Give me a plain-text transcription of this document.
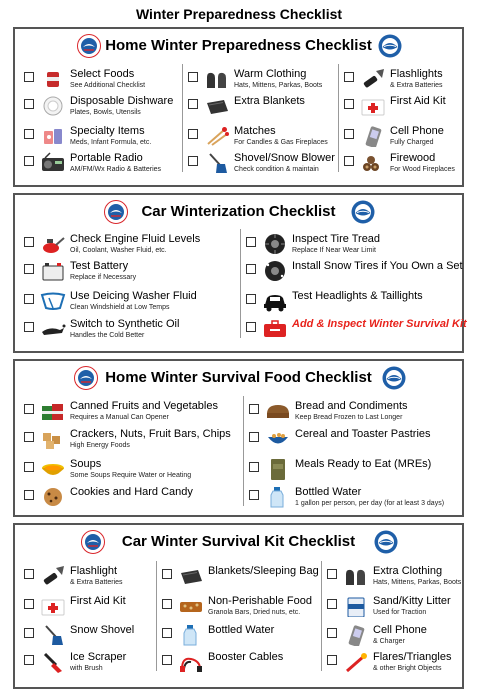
Winter Preparedness Checklist
Home Winter Preparedness Checklist
Select Foods
See Additional Checklist
Disposable Dishware
Plates, Bowls, Utensils
Specialty Items
Meds, Infant Formula, etc.
Portable Radio
AM/FM/Wx Radio & Batteries
Warm Clothing
Hats, Mittens, Parkas, Boots
Extra Blankets
Matches
For Candles & Gas Fireplaces
Shovel/Snow Blower
Check condition & maintain
Flashlights
& Extra Batteries
First Aid Kit
Cell Phone
Fully Charged
Firewood
For Wood Fireplaces
Car Winterization Checklist
Check Engine Fluid Levels
Oil, Coolant, Washer Fluid, etc.
Test Battery
Replace if Necessary
Use Deicing Washer Fluid
Clean Windshield at Low Temps
Switch to Synthetic Oil
Handles the Cold Better
Inspect Tire Tread
Replace If Near Wear Limit
Install Snow Tires if You Own a Set
Test Headlights & Taillights
Add & Inspect Winter Survival Kit
Home Winter Survival Food Checklist
Canned Fruits and Vegetables
Requires a Manual Can Opener
Crackers, Nuts, Fruit Bars, Chips
High Energy Foods
Soups
Some Soups Require Water or Heating
Cookies and Hard Candy
Bread and Condiments
Keep Bread Frozen to Last Longer
Cereal and Toaster Pastries
Meals Ready to Eat (MREs)
Bottled Water
1 gallon per person, per day (for at least 3 days)
Car Winter Survival Kit Checklist
Flashlight
& Extra Batteries
First Aid Kit
Snow Shovel
Ice Scraper
with Brush
Blankets/Sleeping Bag
Non-Perishable Food
Granola Bars, Dried nuts, etc.
Bottled Water
Booster Cables
Extra Clothing
Hats, Mittens, Parkas, Boots
Sand/Kitty Litter
Used for Traction
Cell Phone
& Charger
Flares/Triangles
& other Bright Objects
